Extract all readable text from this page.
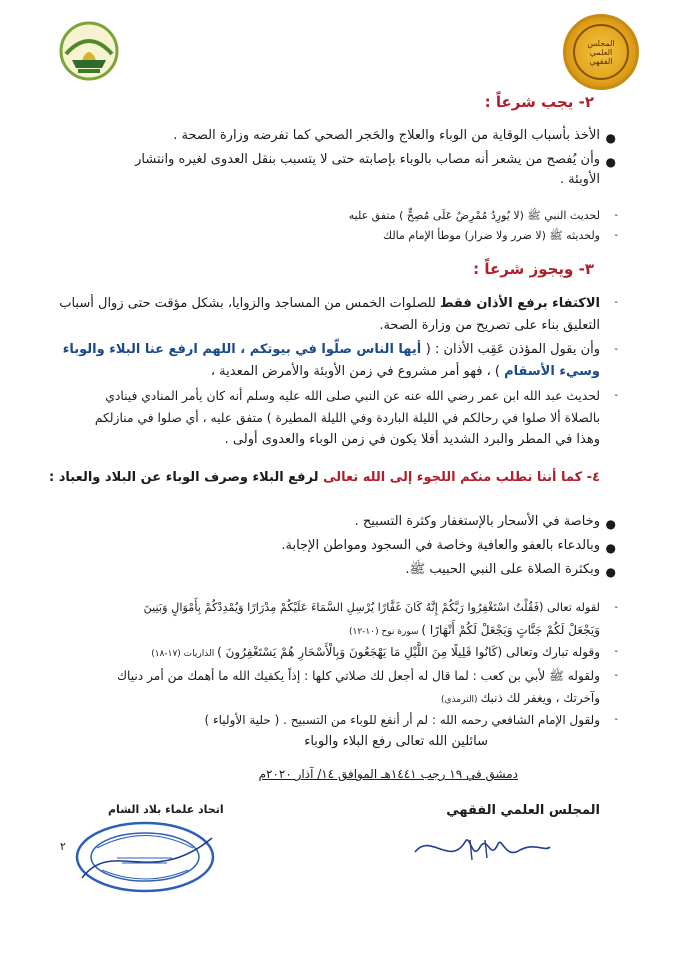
المجلس
العلمي
الفقهي
٢- يجب شرعاً :
●
الأخذ بأسباب الوقاية من الوباء والعلاج والحَجر الصحي كما تفرضه وزارة الصحة .
●
وأن يُفصح من يشعر أنه مصاب بالوباء بإصابته حتى لا يتسبب بنقل العدوى لغيره وانتشار
الأوبئة .
-
لحديث النبي ﷺ (لا يُورِدُ مُمْرِضٌ عَلَى مُصِحٍّ ) متفق عليه
-
ولحديثه ﷺ (لا ضرر ولا ضرار) موطأ الإمام مالك
٣- ويجوز شرعاً :
-
الاكتفاء برفع الأذان فقط للصلوات الخمس من المساجد والزوايا، بشكل مؤقت حتى زوال أسباب
التعليق بناء على تصريح من وزارة الصحة.
-
وأن يقول المؤذن عَقِب الأذان : ( أيها الناس صلّوا في بيوتكم ، اللهم ارفع عنا البلاء والوباء
وسيء الأسقام ) ، فهو أمر مشروع في زمن الأوبئة والأمرض المعدية ،
-
لحديث عبد الله ابن عمر رضي الله عنه عن النبي صلى الله عليه وسلم أنه كان يأمر المنادي فينادي
بالصلاة ألا صلوا في رحالكم في الليلة الباردة وفي الليلة المطيرة ) متفق عليه ، أي صلوا في منازلكم
وهذا في المطر والبرد الشديد أفلا يكون في زمن الوباء والعدوى أولى .
٤- كما أننا نطلب منكم اللجوء إلى الله تعالى لرفع البلاء وصرف الوباء عن البلاد والعباد :
●
وخاصة في الأسحار بالإستغفار وكثرة التسبيح .
●
وبالدعاء بالعفو والعافية وخاصة في السجود ومواطن الإجابة.
●
وبكثرة الصلاة على النبي الحبيب ﷺ.
-
لقوله تعالى (فَقُلْتُ اسْتَغْفِرُوا رَبَّكُمْ إِنَّهُ كَانَ غَفَّارًا يُرْسِلِ السَّمَاءَ عَلَيْكُمْ مِدْرَارًا وَيُمْدِدْكُمْ بِأَمْوَالٍ وَبَنِينَ
وَيَجْعَلْ لَكُمْ جَنَّاتٍ وَيَجْعَلْ لَكُمْ أَنْهَارًا ) سورة نوح (١٠-١٢)
-
وقوله تبارك وتعالى (كَانُوا قَلِيلًا مِنَ اللَّيْلِ مَا يَهْجَعُونَ وَبِالْأَسْحَارِ هُمْ يَسْتَغْفِرُونَ ) الذاريات (١٧-١٨)
-
ولقوله ﷺ لأبي بن كعب : لما قال له أجعل لك صلاتي كلها : إذاً يكفيك الله ما أهمك من أمر دنياك
وآخرتك ، ويغفر لك ذنبك (الترمذي)
-
ولقول الإمام الشافعي رحمه الله : لم أر أنفع للوباء من التسبيح . ( حلية الأولياء )
سائلين الله تعالى رفع البلاء والوباء
دمشق في ١٩ رجب ١٤٤١هـ الموافق ١٤/ آذار ٢٠٢٠م
المجلس العلمي الفقهي
اتحاد علماء بلاد الشام
٢
